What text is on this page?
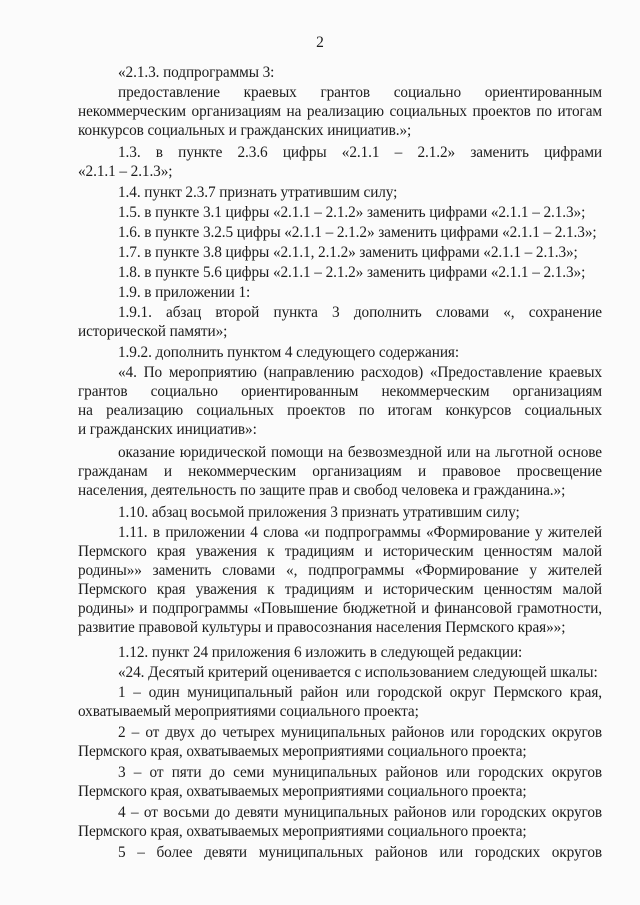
2
«2.1.3. подпрограммы 3:
предоставление краевых грантов социально ориентированным
некоммерческим организациям на реализацию социальных проектов по итогам
конкурсов социальных и гражданских инициатив.»;
1.3. в пункте 2.3.6 цифры «2.1.1 – 2.1.2» заменить цифрами
«2.1.1 – 2.1.3»;
1.4. пункт 2.3.7 признать утратившим силу;
1.5. в пункте 3.1 цифры «2.1.1 – 2.1.2» заменить цифрами «2.1.1 – 2.1.3»;
1.6. в пункте 3.2.5 цифры «2.1.1 – 2.1.2» заменить цифрами «2.1.1 – 2.1.3»;
1.7. в пункте 3.8 цифры «2.1.1, 2.1.2» заменить цифрами «2.1.1 – 2.1.3»;
1.8. в пункте 5.6 цифры «2.1.1 – 2.1.2» заменить цифрами «2.1.1 – 2.1.3»;
1.9. в приложении 1:
1.9.1. абзац второй пункта 3 дополнить словами «, сохранение
исторической памяти»;
1.9.2. дополнить пунктом 4 следующего содержания:
«4. По мероприятию (направлению расходов) «Предоставление краевых
грантов социально ориентированным некоммерческим организациям
на реализацию социальных проектов по итогам конкурсов социальных
и гражданских инициатив»:
оказание юридической помощи на безвозмездной или на льготной основе
гражданам и некоммерческим организациям и правовое просвещение
населения, деятельность по защите прав и свобод человека и гражданина.»;
1.10. абзац восьмой приложения 3 признать утратившим силу;
1.11. в приложении 4 слова «и подпрограммы «Формирование у жителей
Пермского края уважения к традициям и историческим ценностям малой
родины»» заменить словами «, подпрограммы «Формирование у жителей
Пермского края уважения к традициям и историческим ценностям малой
родины» и подпрограммы «Повышение бюджетной и финансовой грамотности,
развитие правовой культуры и правосознания населения Пермского края»»;
1.12. пункт 24 приложения 6 изложить в следующей редакции:
«24. Десятый критерий оценивается с использованием следующей шкалы:
1 – один муниципальный район или городской округ Пермского края,
охватываемый мероприятиями социального проекта;
2 – от двух до четырех муниципальных районов или городских округов
Пермского края, охватываемых мероприятиями социального проекта;
3 – от пяти до семи муниципальных районов или городских округов
Пермского края, охватываемых мероприятиями социального проекта;
4 – от восьми до девяти муниципальных районов или городских округов
Пермского края, охватываемых мероприятиями социального проекта;
5 – более девяти муниципальных районов или городских округов
